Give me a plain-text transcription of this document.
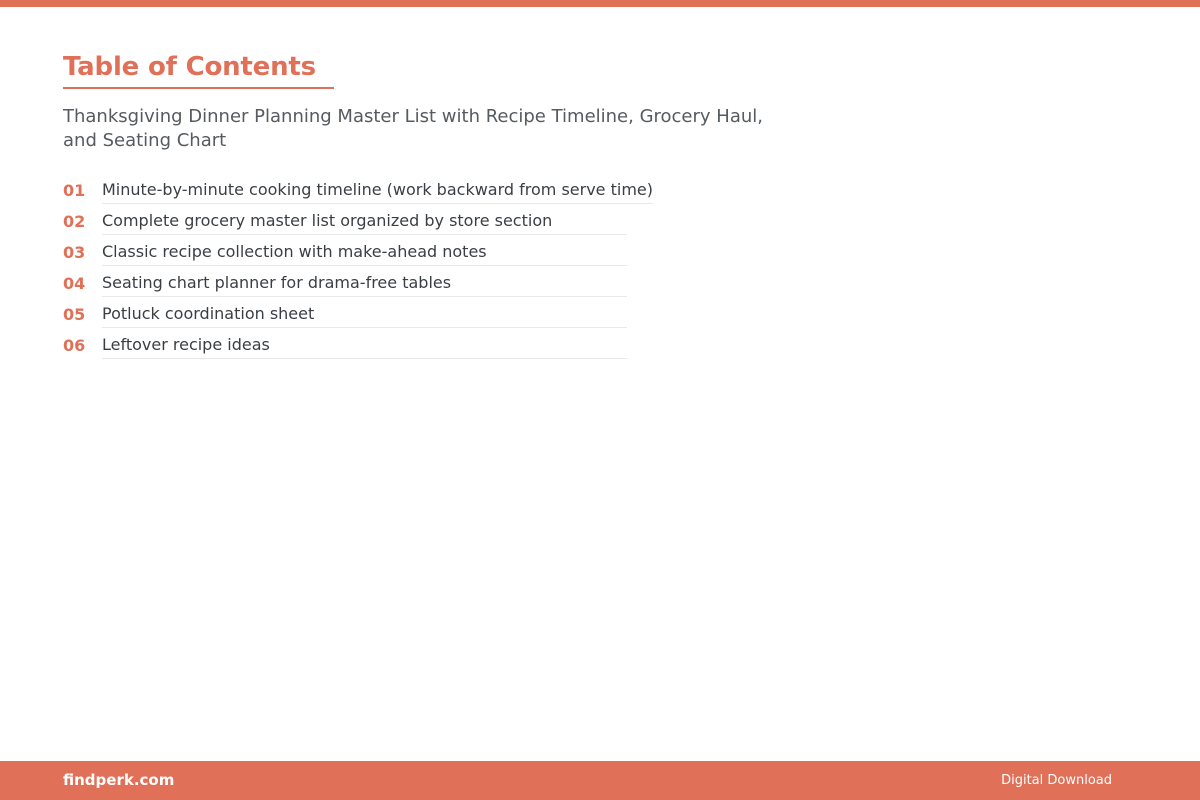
Table of Contents
Thanksgiving Dinner Planning Master List with Recipe Timeline, Grocery Haul, and Seating Chart
01	Minute-by-minute cooking timeline (work backward from serve time)
02	Complete grocery master list organized by store section
03	Classic recipe collection with make-ahead notes
04	Seating chart planner for drama-free tables
05	Potluck coordination sheet
06	Leftover recipe ideas
findperk.com	Digital Download
